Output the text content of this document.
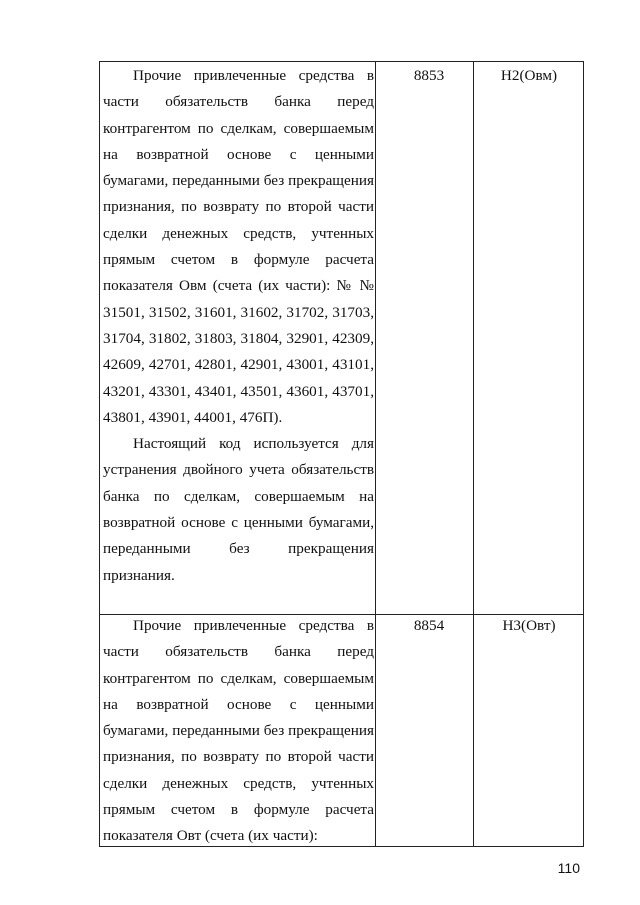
Прочие привлеченные средства в части обязательств банка перед контрагентом по сделкам, совершаемым на возвратной основе с ценными бумагами, переданными без прекращения признания, по возврату по второй части сделки денежных средств, учтенных прямым счетом в формуле расчета показателя Овм (счета (их части): № № 31501, 31502, 31601, 31602, 31702, 31703, 31704, 31802, 31803, 31804, 32901, 42309, 42609, 42701, 42801, 42901, 43001, 43101, 43201, 43301, 43401, 43501, 43601, 43701, 43801, 43901, 44001, 476П).

Настоящий код используется для устранения двойного учета обязательств банка по сделкам, совершаемым на возвратной основе с ценными бумагами, переданными без прекращения признания.

8853	Н2(Овм)

Прочие привлеченные средства в части обязательств банка перед контрагентом по сделкам, совершаемым на возвратной основе с ценными бумагами, переданными без прекращения признания, по возврату по второй части сделки денежных средств, учтенных прямым счетом в формуле расчета показателя Овт (счета (их части):

8854	Н3(Овт)
110
